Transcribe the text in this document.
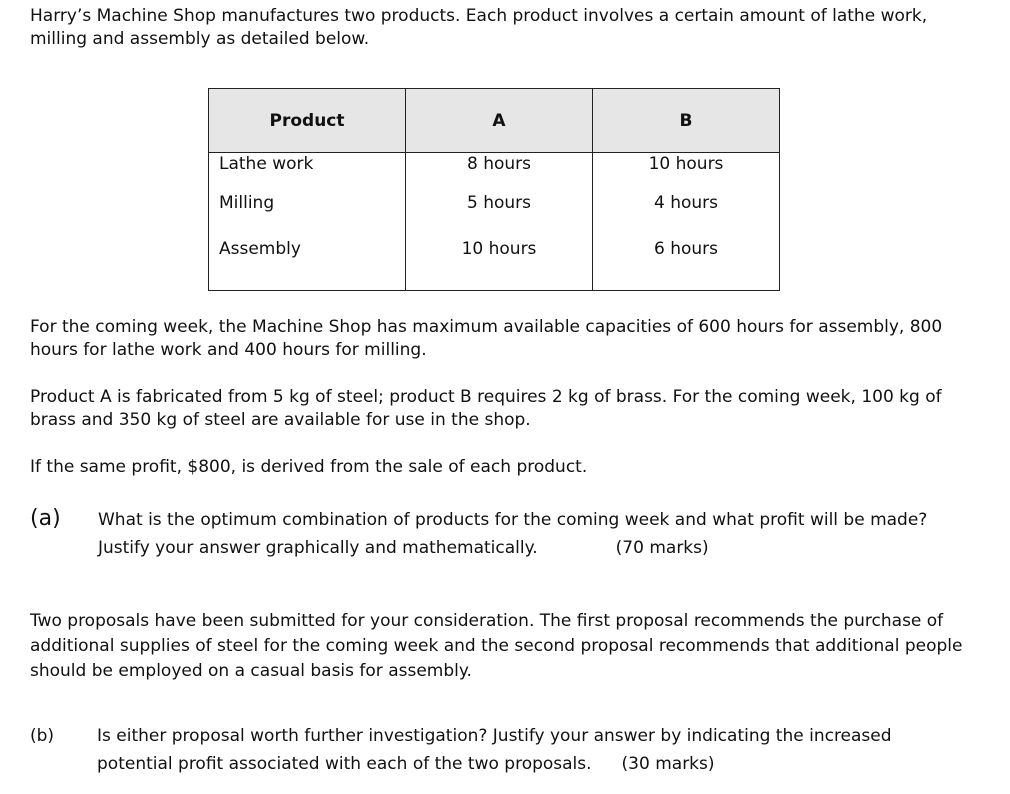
Harry’s Machine Shop manufactures two products. Each product involves a certain amount of lathe work, milling and assembly as detailed below.

Product	A	B
Lathe work	8 hours	10 hours
Milling	5 hours	4 hours
Assembly	10 hours	6 hours

For the coming week, the Machine Shop has maximum available capacities of 600 hours for assembly, 800 hours for lathe work and 400 hours for milling.

Product A is fabricated from 5 kg of steel; product B requires 2 kg of brass. For the coming week, 100 kg of brass and 350 kg of steel are available for use in the shop.

If the same profit, $800, is derived from the sale of each product.

(a) What is the optimum combination of products for the coming week and what profit will be made? Justify your answer graphically and mathematically.	(70 marks)

Two proposals have been submitted for your consideration. The first proposal recommends the purchase of additional supplies of steel for the coming week and the second proposal recommends that additional people should be employed on a casual basis for assembly.

(b)	Is either proposal worth further investigation? Justify your answer by indicating the increased potential profit associated with each of the two proposals. (30 marks)
